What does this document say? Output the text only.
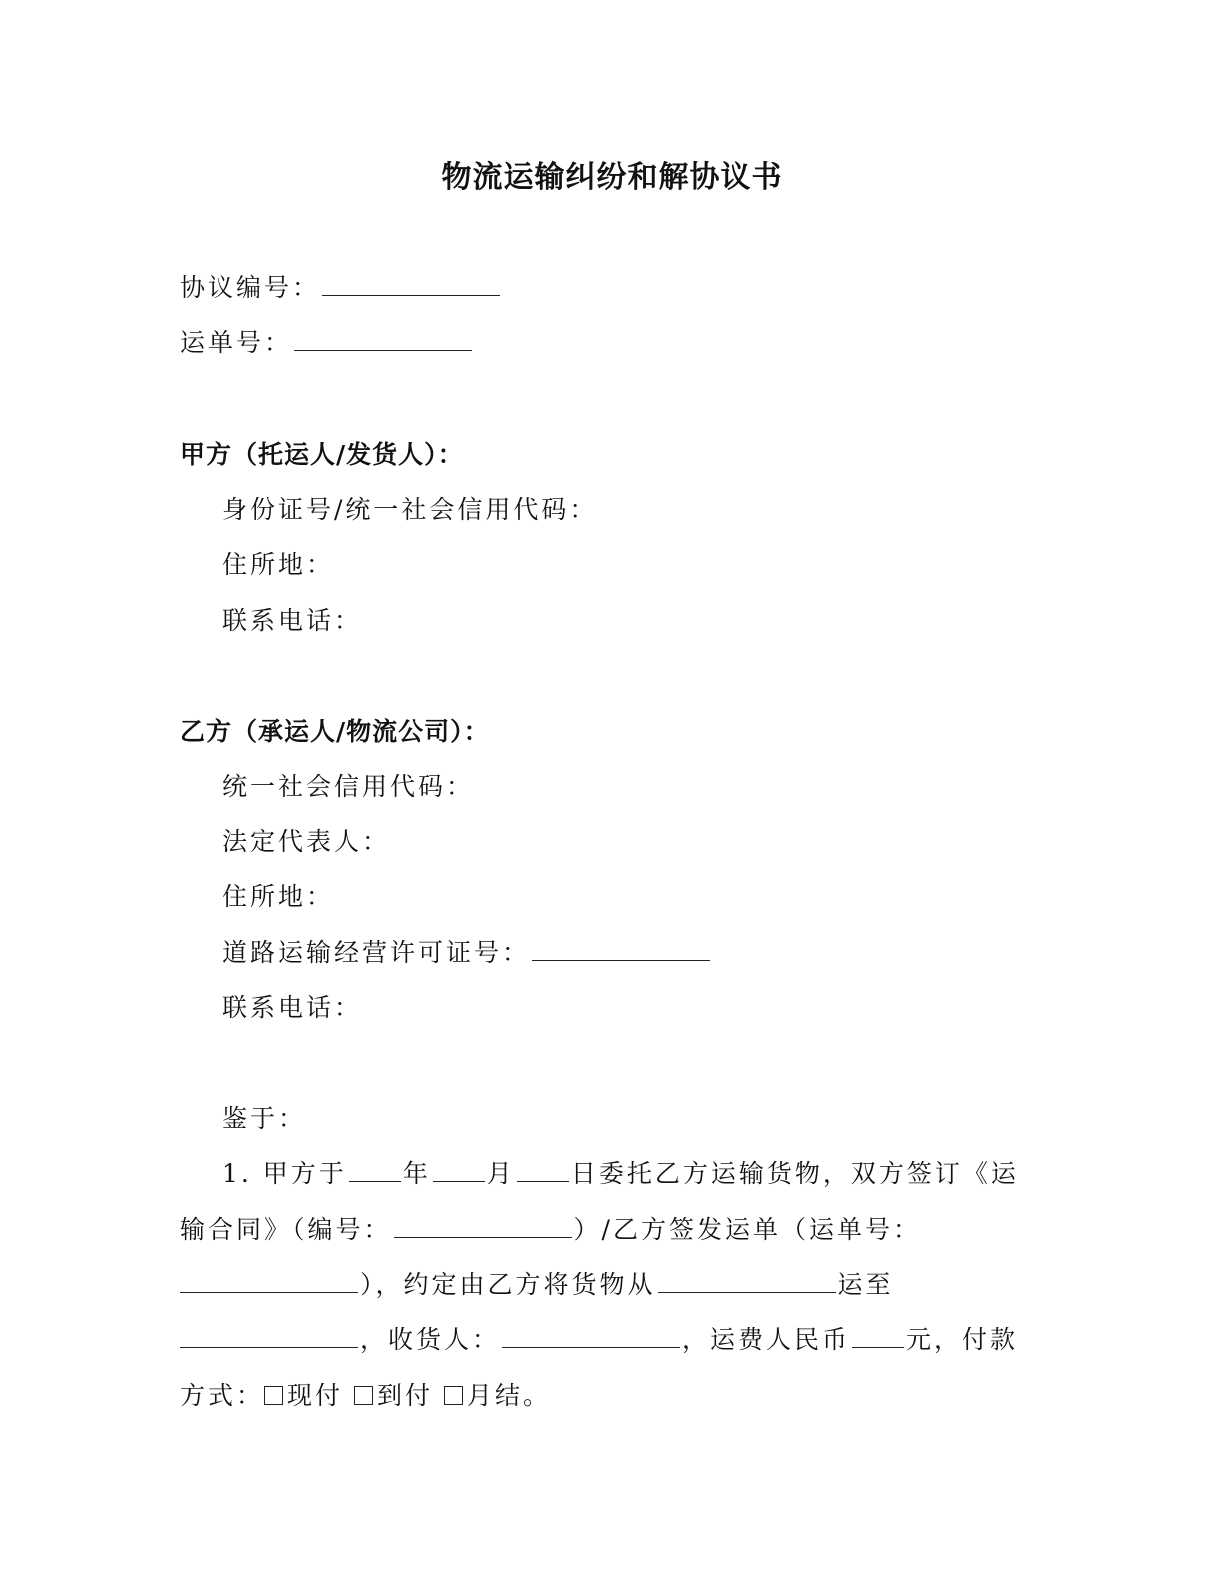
物流运输纠纷和解协议书
协议编号：
运单号：
甲方（托运人/发货人）：
身份证号/统一社会信用代码：
住所地：
联系电话：
乙方（承运人/物流公司）：
统一社会信用代码：
法定代表人：
住所地：
道路运输经营许可证号：
联系电话：
鉴于：
1. 甲方于 年 月 日委托乙方运输货物，双方签订《运
输合同》（编号：	）/乙方签发运单（运单号：
），约定由乙方将货物从	运至
，收货人：	，运费人民币 元，付款
方式： 现付 到付 月结。
